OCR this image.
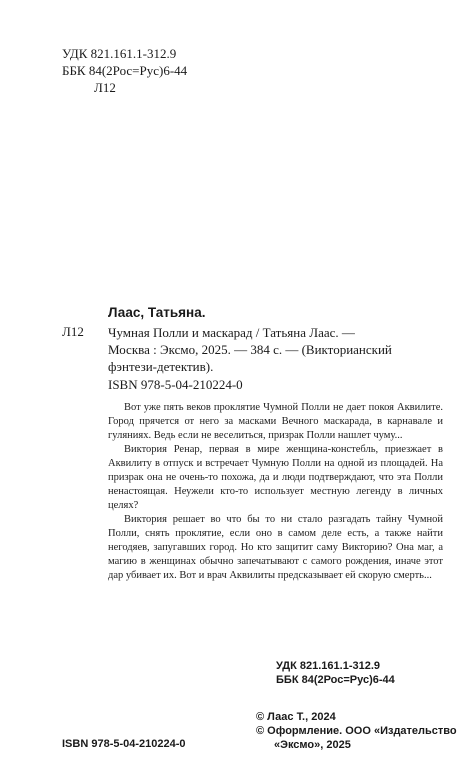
УДК 821.161.1-312.9
ББК 84(2Рос=Рус)6-44
Л12
Лаас, Татьяна.
Л12 Чумная Полли и маскарад / Татьяна Лаас. —
Москва : Эксмо, 2025. — 384 с. — (Викторианский
фэнтези-детектив).
ISBN 978-5-04-210224-0

Вот уже пять веков проклятие Чумной Полли не дает покоя Аквилите. Город прячется от него за масками Вечного маскарада, в карнавале и гуляниях. Ведь если не веселиться, призрак Полли нашлет чуму...

Виктория Ренар, первая в мире женщина-констебль, приезжает в Аквилиту в отпуск и встречает Чумную Полли на одной из площадей. На призрак она не очень-то похожа, да и люди подтверждают, что эта Полли ненастоящая. Неужели кто-то использует местную легенду в личных целях?

Виктория решает во что бы то ни стало разгадать тайну Чумной Полли, снять проклятие, если оно в самом деле есть, а также найти негодяев, запугавших город. Но кто защитит саму Викторию? Она маг, а магию в женщинах обычно запечатывают с самого рождения, иначе этот дар убивает их. Вот и врач Аквилиты предсказывает ей скорую смерть...

УДК 821.161.1-312.9
ББК 84(2Рос=Рус)6-44
© Лаас Т., 2024
© Оформление. ООО «Издательство
«Эксмо», 2025
ISBN 978-5-04-210224-0
